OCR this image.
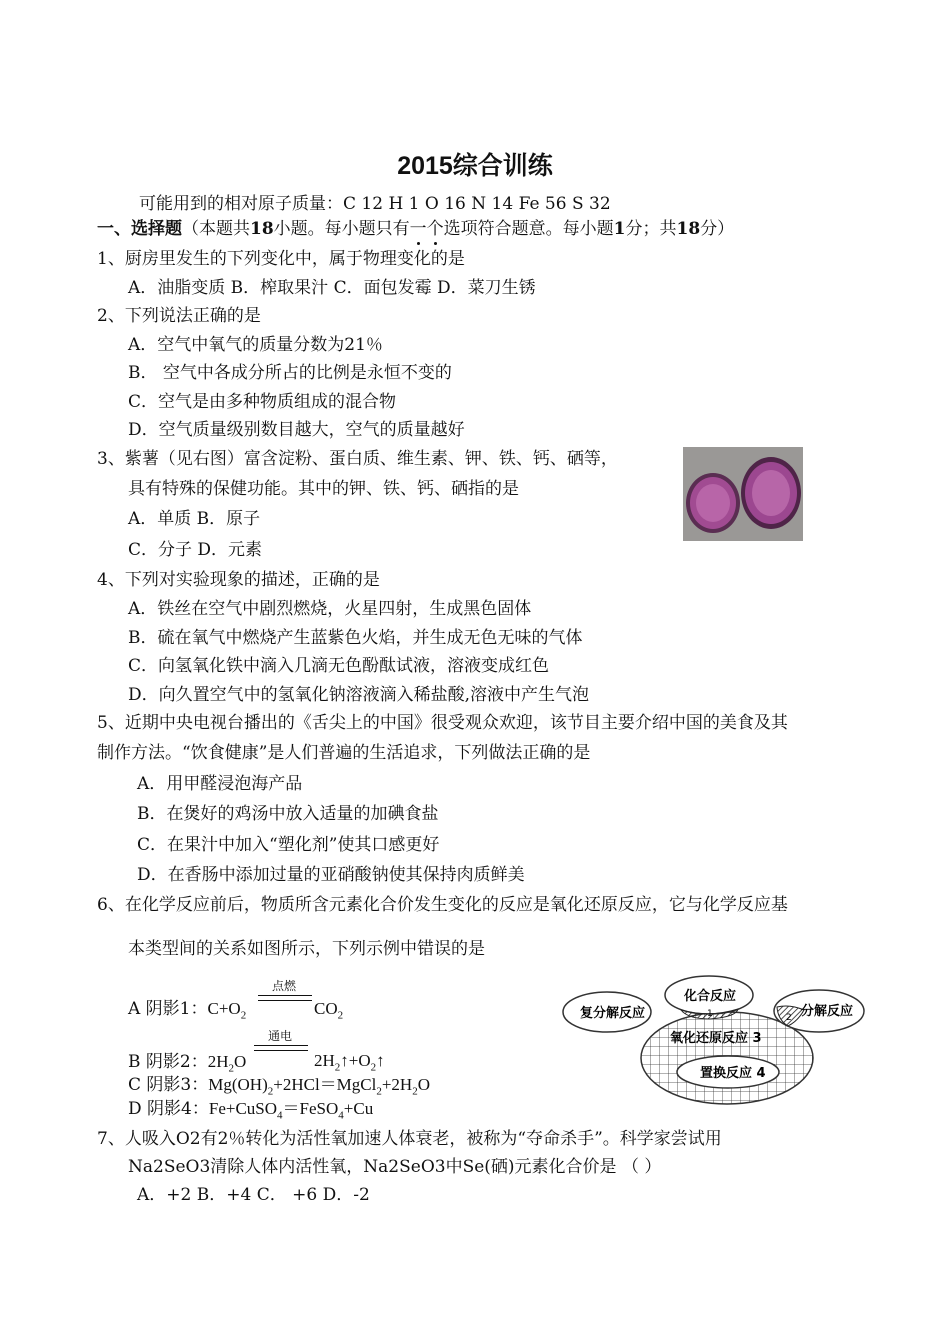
2015综合训练
可能用到的相对原子质量：C 12 H 1 O 16 N 14 Fe 56 S 32
一、选择题（本题共18小题。每小题只有一个选项符合题意。每小题1分；共18分）
1、厨房里发生的下列变化中，属于物理变化的是
A．油脂变质 B．榨取果汁 C．面包发霉 D．菜刀生锈
2、下列说法正确的是
A．空气中氧气的质量分数为21％
B． 空气中各成分所占的比例是永恒不变的
C．空气是由多种物质组成的混合物
D．空气质量级别数目越大，空气的质量越好
3、紫薯（见右图）富含淀粉、蛋白质、维生素、钾、铁、钙、硒等，
具有特殊的保健功能。其中的钾、铁、钙、硒指的是
A．单质 B．原子
C．分子 D．元素
4、下列对实验现象的描述，正确的是
A．铁丝在空气中剧烈燃烧，火星四射，生成黑色固体
B．硫在氧气中燃烧产生蓝紫色火焰，并生成无色无味的气体
C．向氢氧化铁中滴入几滴无色酚酞试液，溶液变成红色
D．向久置空气中的氢氧化钠溶液滴入稀盐酸,溶液中产生气泡
5、近期中央电视台播出的《舌尖上的中国》很受观众欢迎，该节目主要介绍中国的美食及其
制作方法。“饮食健康”是人们普遍的生活追求，下列做法正确的是
A．用甲醛浸泡海产品
B．在煲好的鸡汤中放入适量的加碘食盐
C．在果汁中加入“塑化剂”使其口感更好
D．在香肠中添加过量的亚硝酸钠使其保持肉质鲜美
6、在化学反应前后，物质所含元素化合价发生变化的反应是氧化还原反应，它与化学反应基
本类型间的关系如图所示，下列示例中错误的是
A 阴影1：$C+O_2$
点燃
$CO_2$
B 阴影2：$2H_2O$
通电
$2H_2↑+O_2↑$
C 阴影3：$Mg(OH)_2+2HCl=MgCl_2+2H_2O$
D 阴影4：Fe+CuSO$_4$＝FeSO$_4$+Cu
复分解反应
化合反应
分解反应
氧化还原反应 3
置换反应 4
1	2
7、人吸入O2有2％转化为活性氧加速人体衰老，被称为“夺命杀手”。科学家尝试用
Na2SeO3清除人体内活性氧，Na2SeO3中Se(硒)元素化合价是 （ ）
A．+2 B．+4 C． +6 D．-2
